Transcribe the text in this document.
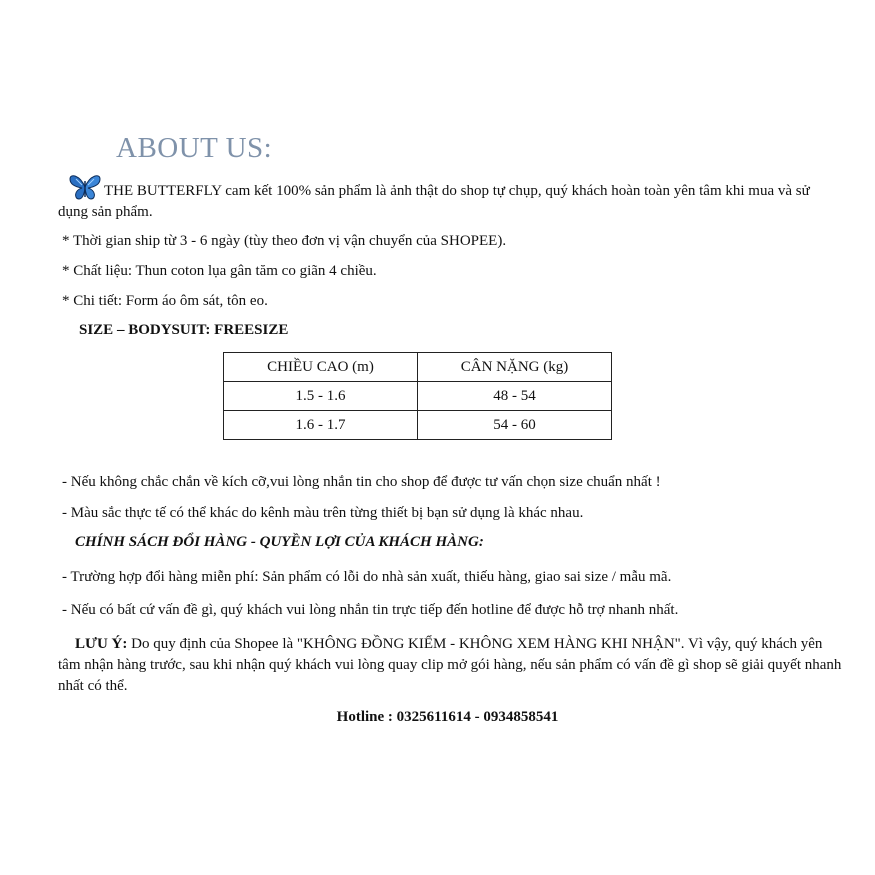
ABOUT US:
THE BUTTERFLY cam kết 100% sản phẩm là ảnh thật do shop tự chụp, quý khách hoàn toàn yên tâm khi mua và sử dụng sản phẩm.
* Thời gian ship từ 3 - 6 ngày (tùy theo đơn vị vận chuyển của SHOPEE).
* Chất liệu: Thun coton lụa gân tăm co giãn 4 chiều.
* Chi tiết: Form áo ôm sát, tôn eo.
SIZE – BODYSUIT: FREESIZE
CHIỀU CAO (m)	CÂN NẶNG (kg)
1.5 - 1.6	48 - 54
1.6 - 1.7	54 - 60
- Nếu không chắc chắn về kích cỡ,vui lòng nhắn tin cho shop để được tư vấn chọn size chuẩn nhất !
- Màu sắc thực tế có thể khác do kênh màu trên từng thiết bị bạn sử dụng là khác nhau.
CHÍNH SÁCH ĐỔI HÀNG - QUYỀN LỢI CỦA KHÁCH HÀNG:
- Trường hợp đổi hàng miễn phí: Sản phẩm có lỗi do nhà sản xuất, thiếu hàng, giao sai size / mẫu mã.
- Nếu có bất cứ vấn đề gì, quý khách vui lòng nhắn tin trực tiếp đến hotline để được hỗ trợ nhanh nhất.
LƯU Ý: Do quy định của Shopee là "KHÔNG ĐỒNG KIỂM - KHÔNG XEM HÀNG KHI NHẬN". Vì vậy, quý khách yên tâm nhận hàng trước, sau khi nhận quý khách vui lòng quay clip mở gói hàng, nếu sản phẩm có vấn đề gì shop sẽ giải quyết nhanh nhất có thể.
Hotline : 0325611614 - 0934858541
